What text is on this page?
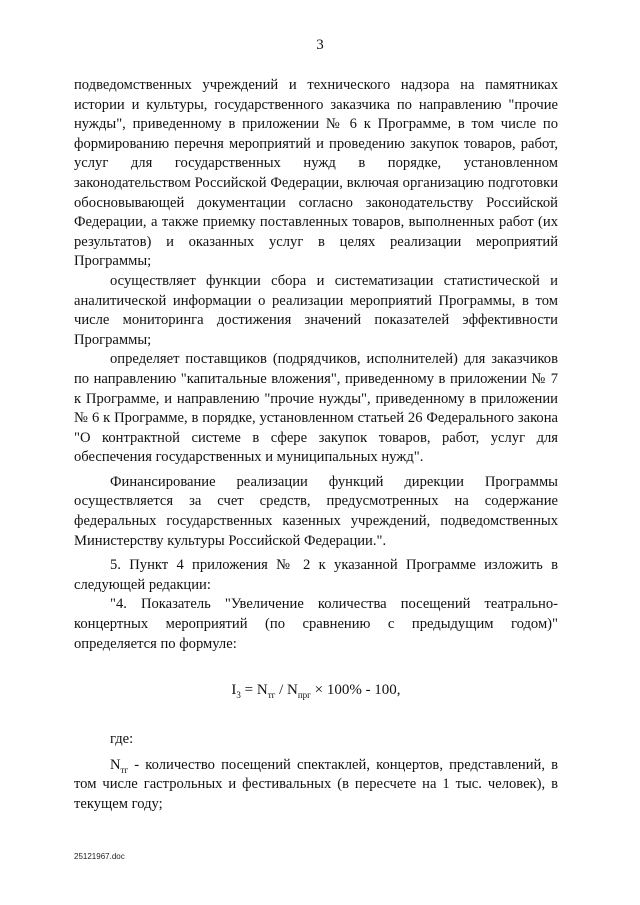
3

подведомственных учреждений и технического надзора на памятниках истории и культуры, государственного заказчика по направлению "прочие нужды", приведенному в приложении № 6 к Программе, в том числе по формированию перечня мероприятий и проведению закупок товаров, работ, услуг для государственных нужд в порядке, установленном законодательством Российской Федерации, включая организацию подготовки обосновывающей документации согласно законодательству Российской Федерации, а также приемку поставленных товаров, выполненных работ (их результатов) и оказанных услуг в целях реализации мероприятий Программы;

осуществляет функции сбора и систематизации статистической и аналитической информации о реализации мероприятий Программы, в том числе мониторинга достижения значений показателей эффективности Программы;

определяет поставщиков (подрядчиков, исполнителей) для заказчиков по направлению "капитальные вложения", приведенному в приложении № 7 к Программе, и направлению "прочие нужды", приведенному в приложении № 6 к Программе, в порядке, установленном статьей 26 Федерального закона "О контрактной системе в сфере закупок товаров, работ, услуг для обеспечения государственных и муниципальных нужд".

Финансирование реализации функций дирекции Программы осуществляется за счет средств, предусмотренных на содержание федеральных государственных казенных учреждений, подведомственных Министерству культуры Российской Федерации.".

5. Пункт 4 приложения № 2 к указанной Программе изложить в следующей редакции:

"4. Показатель "Увеличение количества посещений театрально-концертных мероприятий (по сравнению с предыдущим годом)" определяется по формуле:

$I_3 = N_{тг} / N_{прг} \times 100\% - 100$,

где:

$N_{тг}$ - количество посещений спектаклей, концертов, представлений, в том числе гастрольных и фестивальных (в пересчете на 1 тыс. человек), в текущем году;

25121967.doc
